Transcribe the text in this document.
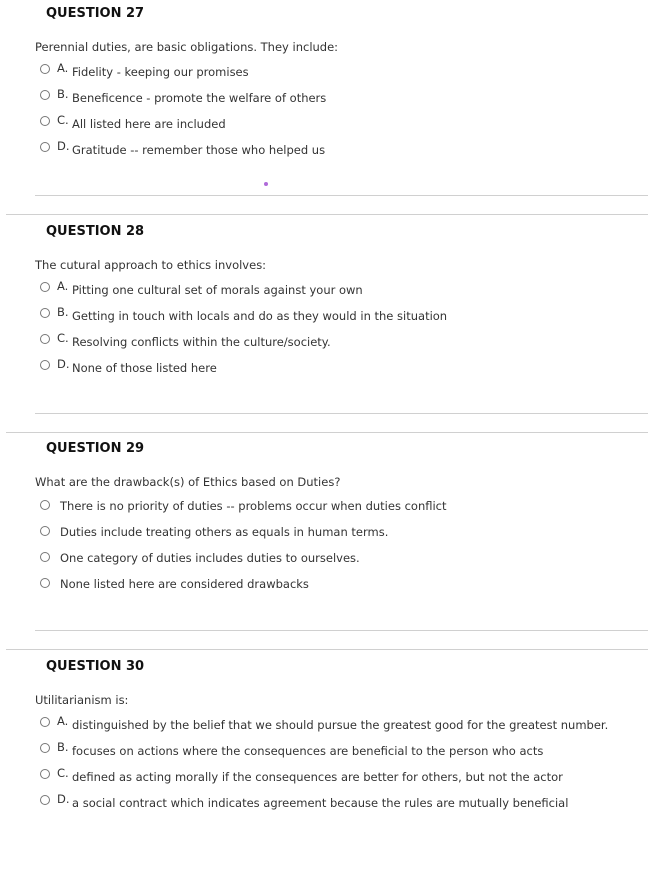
QUESTION 27
Perennial duties, are basic obligations. They include:
A. Fidelity - keeping our promises
B. Beneficence - promote the welfare of others
C. All listed here are included
D. Gratitude -- remember those who helped us
QUESTION 28
The cutural approach to ethics involves:
A. Pitting one cultural set of morals against your own
B. Getting in touch with locals and do as they would in the situation
C. Resolving conflicts within the culture/society.
D. None of those listed here
QUESTION 29
What are the drawback(s) of Ethics based on Duties?
There is no priority of duties -- problems occur when duties conflict
Duties include treating others as equals in human terms.
One category of duties includes duties to ourselves.
None listed here are considered drawbacks
QUESTION 30
Utilitarianism is:
A. distinguished by the belief that we should pursue the greatest good for the greatest number.
B. focuses on actions where the consequences are beneficial to the person who acts
C. defined as acting morally if the consequences are better for others, but not the actor
D. a social contract which indicates agreement because the rules are mutually beneficial
